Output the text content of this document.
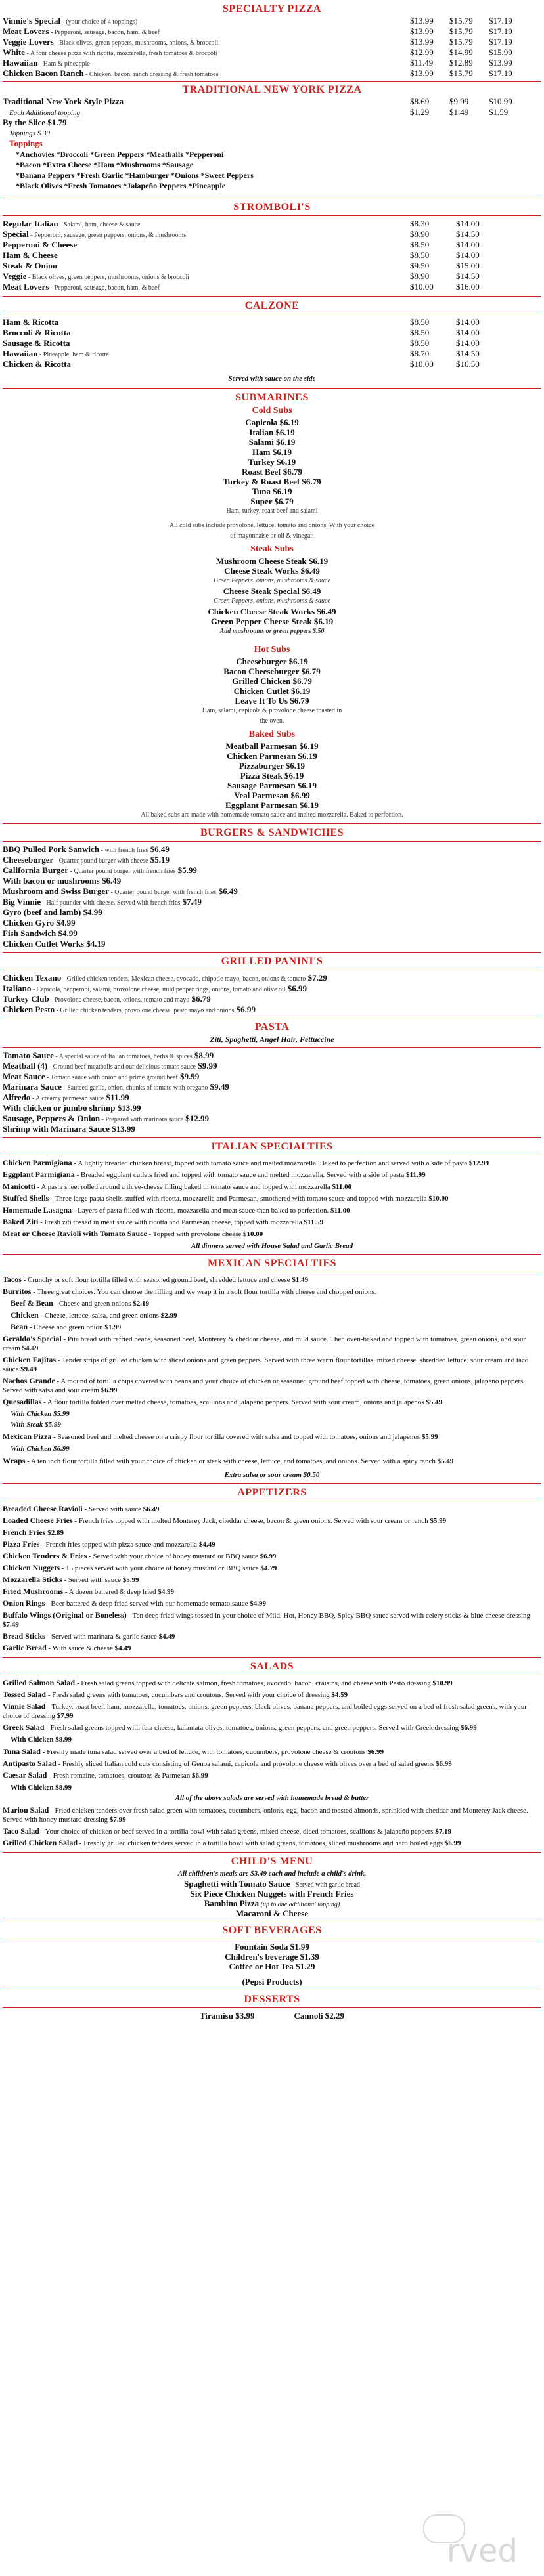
SPECIALTY PIZZA
Vinnie's Special - (your choice of 4 toppings)	$13.99 $15.79 $17.19
Meat Lovers - Pepperoni, sausage, bacon, ham, & beef	$13.99 $15.79 $17.19
Veggie Lovers - Black olives, green peppers, mushrooms, onions, & broccoli	$13.99 $15.79 $17.19
White - A four cheese pizza with ricotta, mozzarella, fresh tomatoes & broccoli	$12.99 $14.99 $15.99
Hawaiian - Ham & pineapple	$11.49 $12.89 $13.99
Chicken Bacon Ranch - Chicken, bacon, ranch dressing & fresh tomatoes	$13.99 $15.79 $17.19
TRADITIONAL NEW YORK PIZZA
Traditional New York Style Pizza	$8.69 $9.99 $10.99
Each Additional topping	$1.29 $1.49 $1.59
By the Slice $1.79
Toppings $.39
Toppings
*Anchovies *Broccoli *Green Peppers *Meatballs *Pepperoni
*Bacon *Extra Cheese *Ham *Mushrooms *Sausage
*Banana Peppers *Fresh Garlic *Hamburger *Onions *Sweet Peppers
*Black Olives *Fresh Tomatoes *Jalapeño Peppers *Pineapple
STROMBOLI'S
Regular Italian - Salami, ham, cheese & sauce	$8.30	$14.00
Special - Pepperoni, sausage, green peppers, onions, & mushrooms	$8.90	$14.50
Pepperoni & Cheese	$8.50	$14.00
Ham & Cheese	$8.50	$14.00
Steak & Onion	$9.50	$15.00
Veggie - Black olives, green peppers, mushrooms, onions & broccoli	$8.90	$14.50
Meat Lovers - Pepperoni, sausage, bacon, ham, & beef	$10.00	$16.00
CALZONE
Ham & Ricotta	$8.50	$14.00
Broccoli & Ricotta	$8.50	$14.00
Sausage & Ricotta	$8.50	$14.00
Hawaiian - Pineapple, ham & ricotta	$8.70	$14.50
Chicken & Ricotta	$10.00	$16.50
Served with sauce on the side
SUBMARINES
Cold Subs
Capicola $6.19
Italian $6.19
Salami $6.19
Ham $6.19
Turkey $6.19
Roast Beef $6.79
Turkey & Roast Beef $6.79
Tuna $6.19
Super $6.79
Ham, turkey, roast beef and salami
All cold subs include provolone, lettuce, tomato and onions. With your choice of mayonnaise or oil & vinegar.
Steak Subs
Mushroom Cheese Steak $6.19
Cheese Steak Works $6.49
Green Peppers, onions, mushrooms & sauce
Cheese Steak Special $6.49
Green Peppers, onions, mushrooms & sauce
Chicken Cheese Steak Works $6.49
Green Pepper Cheese Steak $6.19
Add mushrooms or green peppers $.50
Hot Subs
Cheeseburger $6.19
Bacon Cheeseburger $6.79
Grilled Chicken $6.79
Chicken Cutlet $6.19
Leave It To Us $6.79
Ham, salami, capicola & provolone cheese toasted in the oven.
Baked Subs
Meatball Parmesan $6.19
Chicken Parmesan $6.19
Pizzaburger $6.19
Pizza Steak $6.19
Sausage Parmesan $6.19
Veal Parmesan $6.99
Eggplant Parmesan $6.19
All baked subs are made with homemade tomato sauce and melted mozzarella. Baked to perfection.
BURGERS & SANDWICHES
BBQ Pulled Pork Sanwich - with french fries $6.49
Cheeseburger - Quarter pound burger with cheese $5.19
California Burger - Quarter pound burger with french fries $5.99
With bacon or mushrooms $6.49
Mushroom and Swiss Burger - Quarter pound burger with french fries $6.49
Big Vinnie - Half pounder with cheese. Served with french fries $7.49
Gyro (beef and lamb) $4.99
Chicken Gyro $4.99
Fish Sandwich $4.99
Chicken Cutlet Works $4.19
GRILLED PANINI'S
Chicken Texano - Grilled chicken tenders, Mexican cheese, avocado, chipotle mayo, bacon, onions & tomato $7.29
Italiano - Capicola, pepperoni, salami, provolone cheese, mild pepper rings, onions, tomato and olive oil $6.99
Turkey Club - Provolone cheese, bacon, onions, tomato and mayo $6.79
Chicken Pesto - Grilled chicken tenders, provolone cheese, pesto mayo and onions $6.99
PASTA
Ziti, Spaghetti, Angel Hair, Fettuccine
Tomato Sauce - A special sauce of Italian tomatoes, herbs & spices $8.99
Meatball (4) - Ground beef meatballs and our delicious tomato sauce $9.99
Meat Sauce - Tomato sauce with onion and prime ground beef $9.99
Marinara Sauce - Sauteed garlic, onion, chunks of tomato with oregano $9.49
Alfredo - A creamy parmesan sauce $11.99
With chicken or jumbo shrimp $13.99
Sausage, Peppers & Onion - Prepared with marinara sauce $12.99
Shrimp with Marinara Sauce $13.99
ITALIAN SPECIALTIES
Chicken Parmigiana - A lightly breaded chicken breast, topped with tomato sauce and melted mozzarella. Baked to perfection and served with a side of pasta $12.99
Eggplant Parmigiana - Breaded eggplant cutlets fried and topped with tomato sauce and melted mozzarella. Served with a side of pasta $11.99
Manicotti - A pasta sheet rolled around a three-cheese filling baked in tomato sauce and topped with mozzarella $11.00
Stuffed Shells - Three large pasta shells stuffed with ricotta, mozzarella and Parmesan, smothered with tomato sauce and topped with mozzarella $10.00
Homemade Lasagna - Layers of pasta filled with ricotta, mozzarella and meat sauce then baked to perfection. $11.00
Baked Ziti - Fresh ziti tossed in meat sauce with ricotta and Parmesan cheese, topped with mozzarella $11.59
Meat or Cheese Ravioli with Tomato Sauce - Topped with provolone cheese $10.00
All dinners served with House Salad and Garlic Bread
MEXICAN SPECIALTIES
Tacos - Crunchy or soft flour tortilla filled with seasoned ground beef, shredded lettuce and cheese $1.49
Burritos - Three great choices. You can choose the filling and we wrap it in a soft flour tortilla with cheese and chopped onions.
Beef & Bean - Cheese and green onions $2.19
Chicken - Cheese, lettuce, salsa, and green onions $2.99
Bean - Cheese and green onion $1.99
Geraldo's Special - Pita bread with refried beans, seasoned beef, Monterey & cheddar cheese, and mild sauce. Then oven-baked and topped with tomatoes, green onions, and sour cream $4.49
Chicken Fajitas - Tender strips of grilled chicken with sliced onions and green peppers. Served with three warm flour tortillas, mixed cheese, shredded lettuce, sour cream and taco sauce $9.49
Nachos Grande - A mound of tortilla chips covered with beans and your choice of chicken or seasoned ground beef topped with cheese, tomatoes, green onions, jalapeño peppers. Served with salsa and sour cream $6.99
Quesadillas - A flour tortilla folded over melted cheese, tomatoes, scallions and jalapeño peppers. Served with sour cream, onions and jalapenos $5.49
With Chicken $5.99
With Steak $5.99
Mexican Pizza - Seasoned beef and melted cheese on a crispy flour tortilla covered with salsa and topped with tomatoes, onions and jalapenos $5.99
With Chicken $6.99
Wraps - A ten inch flour tortilla filled with your choice of chicken or steak with cheese, lettuce, and tomatoes, and onions. Served with a spicy ranch $5.49
Extra salsa or sour cream $0.50
APPETIZERS
Breaded Cheese Ravioli - Served with sauce $6.49
Loaded Cheese Fries - French fries topped with melted Monterey Jack, cheddar cheese, bacon & green onions. Served with sour cream or ranch $5.99
French Fries $2.89
Pizza Fries - French fries topped with pizza sauce and mozzarella $4.49
Chicken Tenders & Fries - Served with your choice of honey mustard or BBQ sauce $6.99
Chicken Nuggets - 15 pieces served with your choice of honey mustard or BBQ sauce $4.79
Mozzarella Sticks - Served with sauce $5.99
Fried Mushrooms - A dozen battered & deep fried $4.99
Onion Rings - Beer battered & deep fried served with our homemade tomato sauce $4.99
Buffalo Wings (Original or Boneless) - Ten deep fried wings tossed in your choice of Mild, Hot, Honey BBQ, Spicy BBQ sauce served with celery sticks & blue cheese dressing $7.49
Bread Sticks - Served with marinara & garlic sauce $4.49
Garlic Bread - With sauce & cheese $4.49
SALADS
Grilled Salmon Salad - Fresh salad greens topped with delicate salmon, fresh tomatoes, avocado, bacon, craisins, and cheese with Pesto dressing $10.99
Tossed Salad - Fresh salad greens with tomatoes, cucumbers and croutons. Served with your choice of dressing $4.59
Vinnie Salad - Turkey, roast beef, ham, mozzarella, tomatoes, onions, green peppers, black olives, banana peppers, and boiled eggs served on a bed of fresh salad greens, with your choice of dressing $7.99
Greek Salad - Fresh salad greens topped with feta cheese, kalamata olives, tomatoes, onions, green peppers, and green peppers. Served with Greek dressing $6.99
With Chicken $8.99
Tuna Salad - Freshly made tuna salad served over a bed of lettuce, with tomatoes, cucumbers, provolone cheese & croutons $6.99
Antipasto Salad - Freshly sliced Italian cold cuts consisting of Genoa salami, capicola and provolone cheese with olives over a bed of salad greens $6.99
Caesar Salad - Fresh romaine, tomatoes, croutons & Parmesan $6.99
With Chicken $8.99
All of the above salads are served with homemade bread & butter
Marion Salad - Fried chicken tenders over fresh salad green with tomatoes, cucumbers, onions, egg, bacon and toasted almonds, sprinkled with cheddar and Monterey Jack cheese. Served with honey mustard dressing $7.99
Taco Salad - Your choice of chicken or beef served in a tortilla bowl with salad greens, mixed cheese, diced tomatoes, scallions & jalapeño peppers $7.19
Grilled Chicken Salad - Freshly grilled chicken tenders served in a tortilla bowl with salad greens, tomatoes, sliced mushrooms and hard boiled eggs $6.99
CHILD'S MENU
All children's meals are $3.49 each and include a child's drink.
Spaghetti with Tomato Sauce - Served with garlic bread
Six Piece Chicken Nuggets with French Fries
Bambino Pizza (up to one additional topping)
Macaroni & Cheese
SOFT BEVERAGES
Fountain Soda $1.99
Children's beverage $1.39
Coffee or Hot Tea $1.29
(Pepsi Products)
DESSERTS
Tiramisu $3.99	Cannoli $2.29
rved
